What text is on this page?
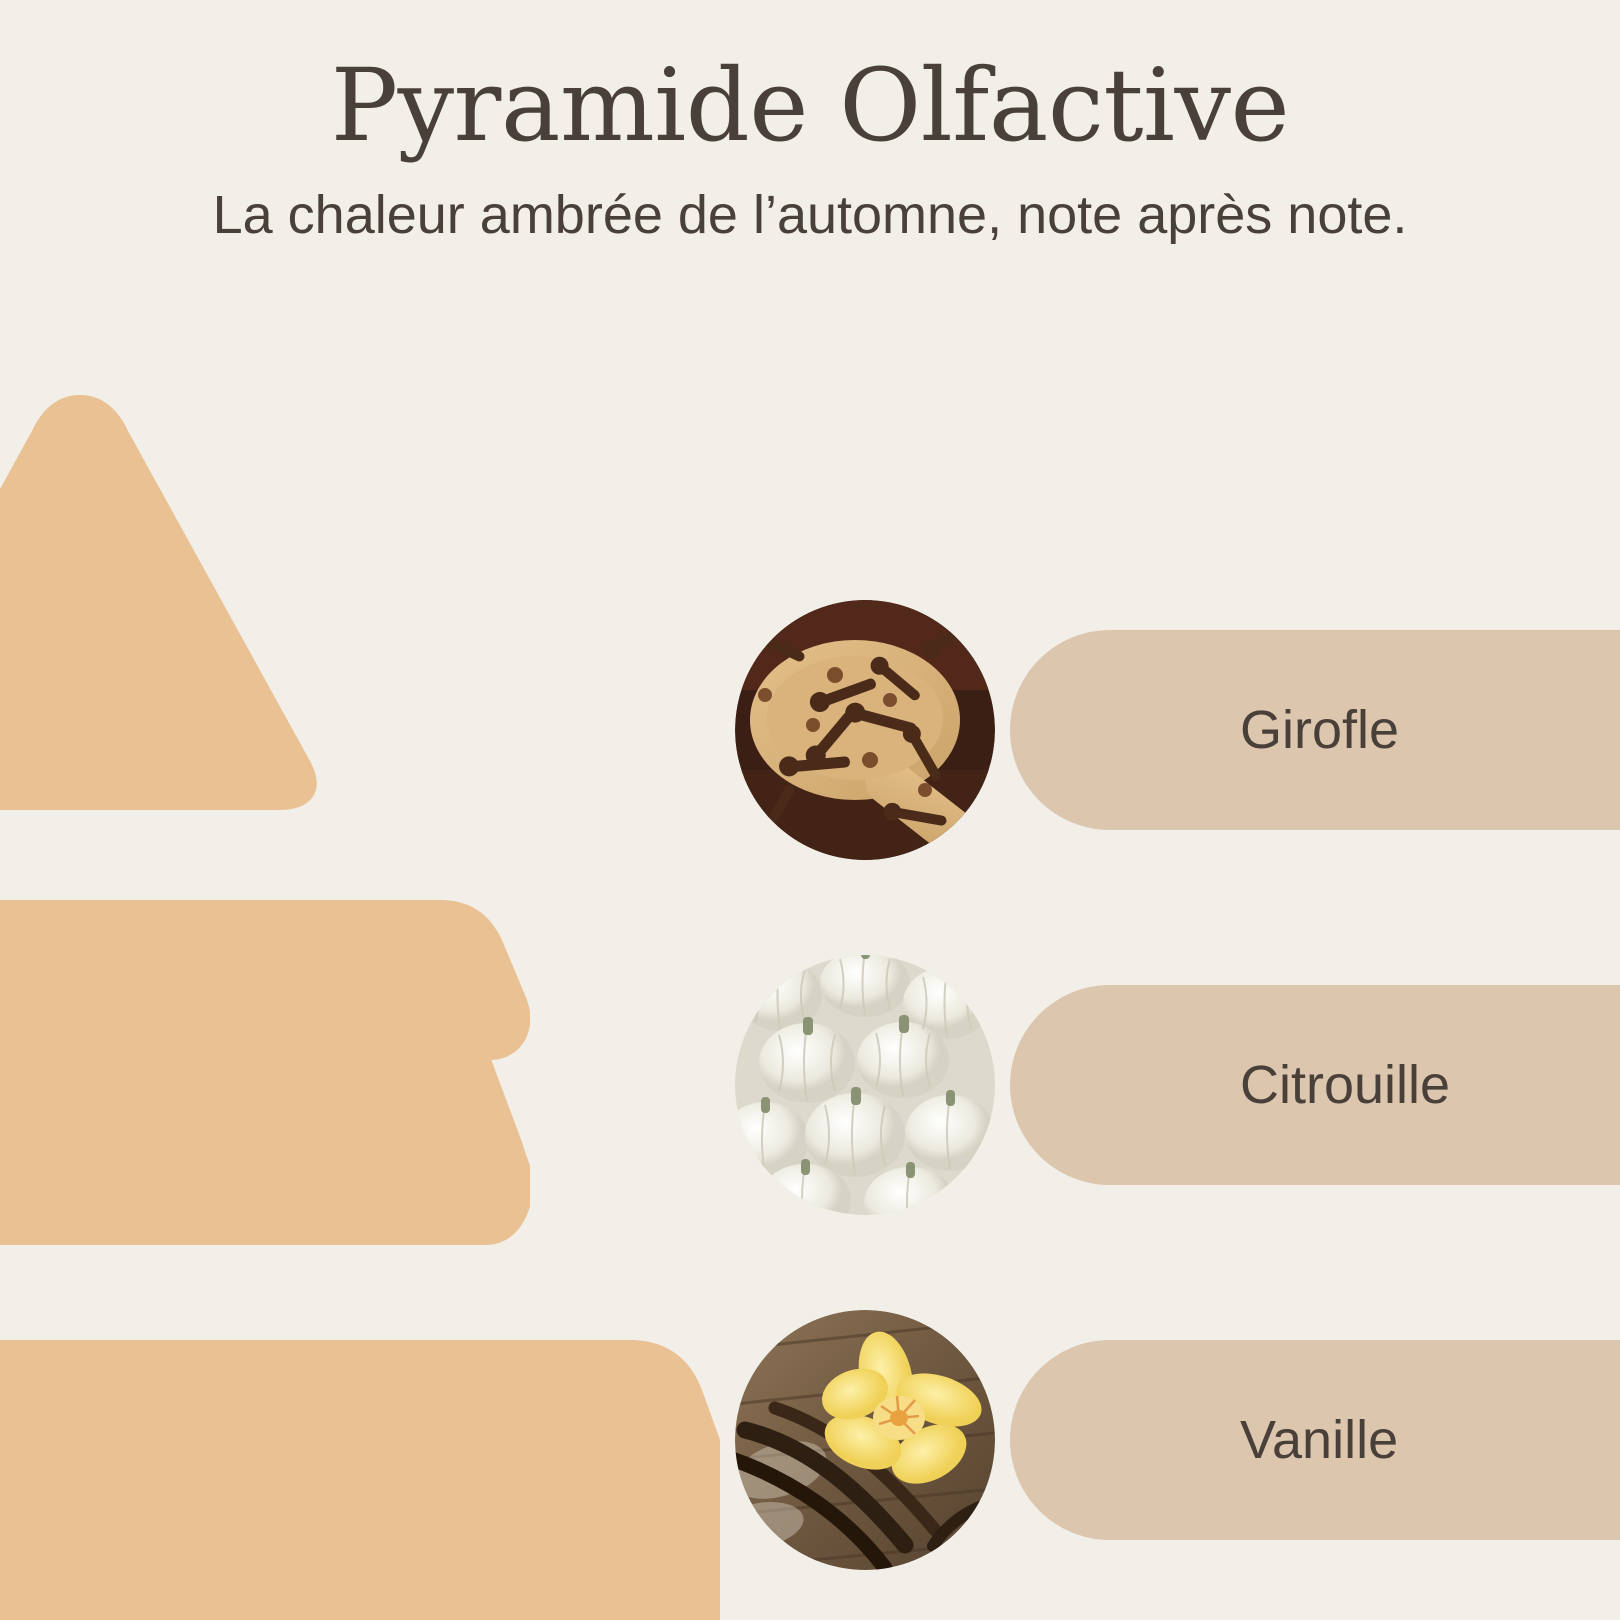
Pyramide Olfactive

La chaleur ambrée de l’automne, note après note.

Girofle
Citrouille
Vanille
